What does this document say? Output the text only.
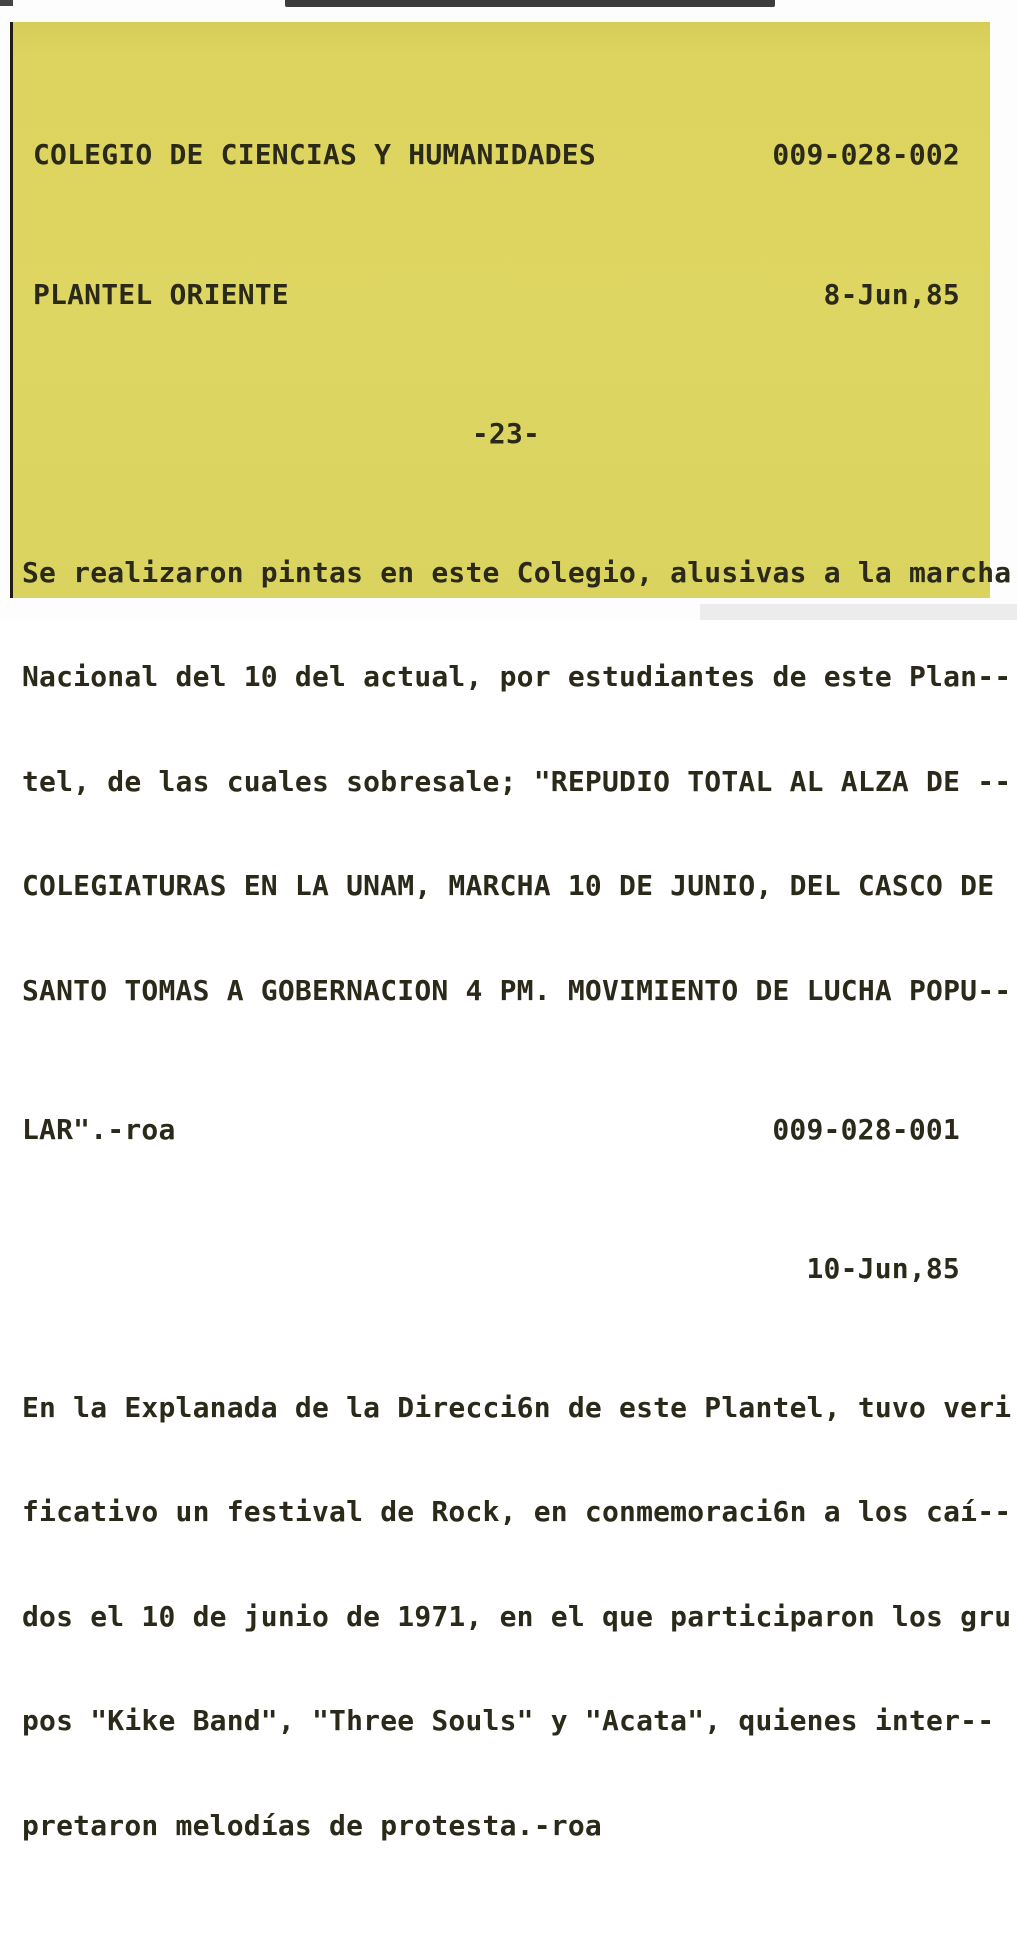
COLEGIO DE CIENCIAS Y HUMANIDADES	009-028-002

PLANTEL ORIENTE	8-Jun,85

-23-

Se realizaron pintas en este Colegio, alusivas a la marcha

Nacional del 10 del actual, por estudiantes de este Plan--

tel, de las cuales sobresale; "REPUDIO TOTAL AL ALZA DE --

COLEGIATURAS EN LA UNAM, MARCHA 10 DE JUNIO, DEL CASCO DE

SANTO TOMAS A GOBERNACION 4 PM. MOVIMIENTO DE LUCHA POPU--

LAR".-roa	009-028-001

10-Jun,85

En la Explanada de la Direcci6n de este Plantel, tuvo veri

ficativo un festival de Rock, en conmemoraci6n a los caí--

dos el 10 de junio de 1971, en el que participaron los gru

pos "Kike Band", "Three Souls" y "Acata", quienes inter--

pretaron melodías de protesta.-roa
